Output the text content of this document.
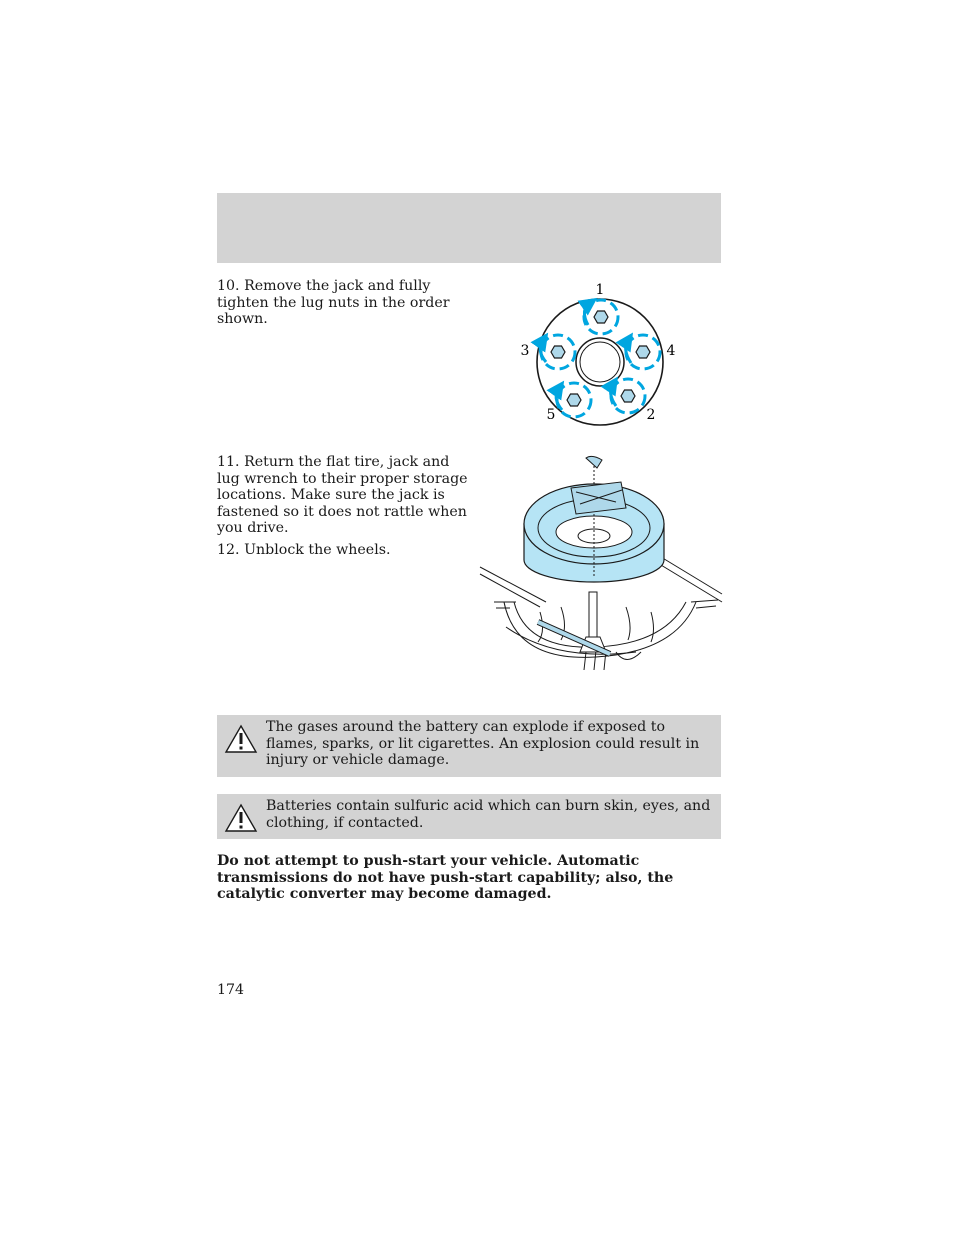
10. Remove the jack and fully tighten the lug nuts in the order shown.
1
3	4
5	2
11. Return the flat tire, jack and lug wrench to their proper storage locations. Make sure the jack is fastened so it does not rattle when you drive.
12. Unblock the wheels.
The gases around the battery can explode if exposed to flames, sparks, or lit cigarettes. An explosion could result in injury or vehicle damage.
Batteries contain sulfuric acid which can burn skin, eyes, and clothing, if contacted.
Do not attempt to push-start your vehicle. Automatic transmissions do not have push-start capability; also, the catalytic converter may become damaged.
174
